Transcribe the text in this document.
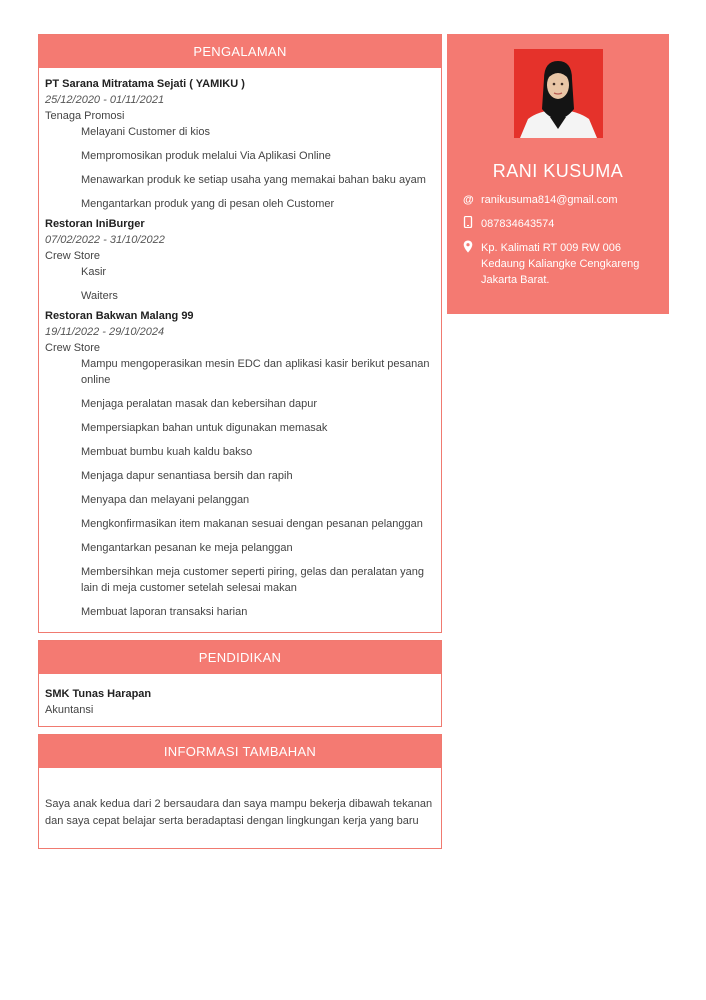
PENGALAMAN
PT Sarana Mitratama Sejati ( YAMIKU )
25/12/2020 - 01/11/2021
Tenaga Promosi
Melayani Customer di kios
Mempromosikan produk melalui Via Aplikasi Online
Menawarkan produk ke setiap usaha yang memakai bahan baku ayam
Mengantarkan produk yang di pesan oleh Customer
Restoran IniBurger
07/02/2022 - 31/10/2022
Crew Store
Kasir
Waiters
Restoran Bakwan Malang 99
19/11/2022 - 29/10/2024
Crew Store
Mampu mengoperasikan mesin EDC dan aplikasi kasir berikut pesanan online
Menjaga peralatan masak dan kebersihan dapur
Mempersiapkan bahan untuk digunakan memasak
Membuat bumbu kuah kaldu bakso
Menjaga dapur senantiasa bersih dan rapih
Menyapa dan melayani pelanggan
Mengkonfirmasikan item makanan sesuai dengan pesanan pelanggan
Mengantarkan pesanan ke meja pelanggan
Membersihkan meja customer seperti piring, gelas dan peralatan yang lain di meja customer setelah selesai makan
Membuat laporan transaksi harian
PENDIDIKAN
SMK Tunas Harapan
Akuntansi
INFORMASI TAMBAHAN
Saya anak kedua dari 2 bersaudara dan saya mampu bekerja dibawah tekanan dan saya cepat belajar serta beradaptasi dengan lingkungan kerja yang baru
RANI KUSUMA
@ ranikusuma814@gmail.com
087834643574
Kp. Kalimati RT 009 RW 006 Kedaung Kaliangke Cengkareng Jakarta Barat.
